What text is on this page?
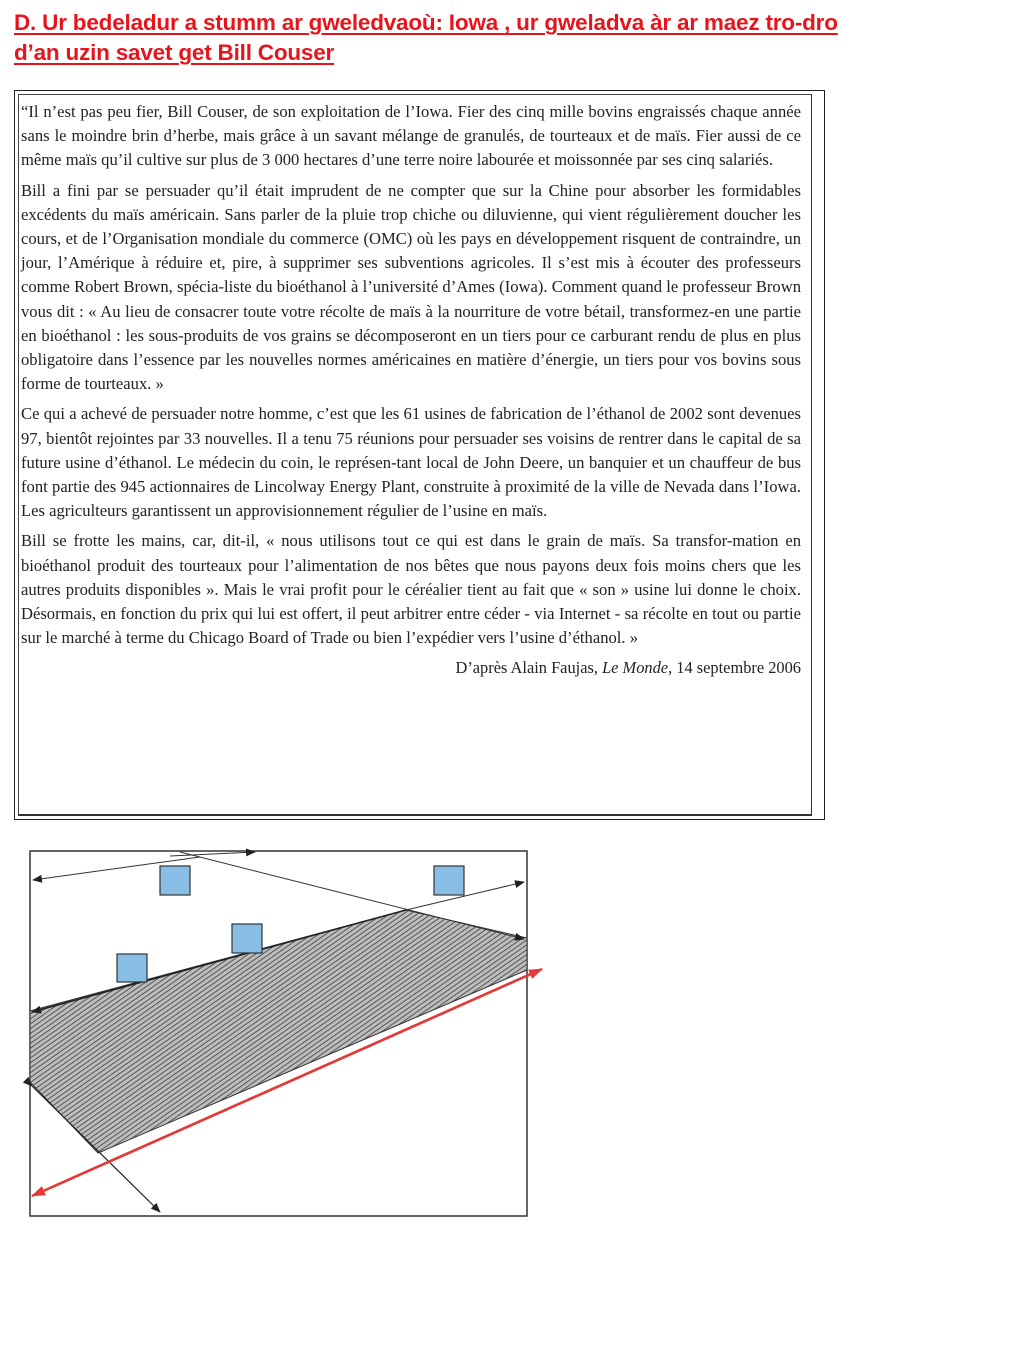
D. Ur bedeladur a stumm ar gweledvaoù: Iowa , ur gweladva àr ar maez tro-dro
d’an uzin savet get Bill Couser

“Il n’est pas peu fier, Bill Couser, de son exploitation de l’Iowa. Fier des cinq mille bovins engraissés chaque année sans le moindre brin d’herbe, mais grâce à un savant mélange de granulés, de tourteaux et de maïs. Fier aussi de ce même maïs qu’il cultive sur plus de 3 000 hectares d’une terre noire labourée et moissonnée par ses cinq salariés.

Bill a fini par se persuader qu’il était imprudent de ne compter que sur la Chine pour absorber les formidables excédents du maïs américain. Sans parler de la pluie trop chiche ou diluvienne, qui vient régulièrement doucher les cours, et de l’Organisation mondiale du commerce (OMC) où les pays en développement risquent de contraindre, un jour, l’Amérique à réduire et, pire, à supprimer ses subventions agricoles. Il s’est mis à écouter des professeurs comme Robert Brown, spécia-liste du bioéthanol à l’université d’Ames (Iowa). Comment quand le professeur Brown vous dit : « Au lieu de consacrer toute votre récolte de maïs à la nourriture de votre bétail, transformez-en une partie en bioéthanol : les sous-produits de vos grains se décomposeront en un tiers pour ce carburant rendu de plus en plus obligatoire dans l’essence par les nouvelles normes américaines en matière d’énergie, un tiers pour vos bovins sous forme de tourteaux. »

Ce qui a achevé de persuader notre homme, c’est que les 61 usines de fabrication de l’éthanol de 2002 sont devenues 97, bientôt rejointes par 33 nouvelles. Il a tenu 75 réunions pour persuader ses voisins de rentrer dans le capital de sa future usine d’éthanol. Le médecin du coin, le représen-tant local de John Deere, un banquier et un chauffeur de bus font partie des 945 actionnaires de Lincolway Energy Plant, construite à proximité de la ville de Nevada dans l’Iowa. Les agriculteurs garantissent un approvisionnement régulier de l’usine en maïs.

Bill se frotte les mains, car, dit-il, « nous utilisons tout ce qui est dans le grain de maïs. Sa transfor-mation en bioéthanol produit des tourteaux pour l’alimentation de nos bêtes que nous payons deux fois moins chers que les autres produits disponibles ». Mais le vrai profit pour le céréalier tient au fait que « son » usine lui donne le choix. Désormais, en fonction du prix qui lui est offert, il peut arbitrer entre céder - via Internet - sa récolte en tout ou partie sur le marché à terme du Chicago Board of Trade ou bien l’expédier vers l’usine d’éthanol. »

D’après Alain Faujas, Le Monde, 14 septembre 2006
